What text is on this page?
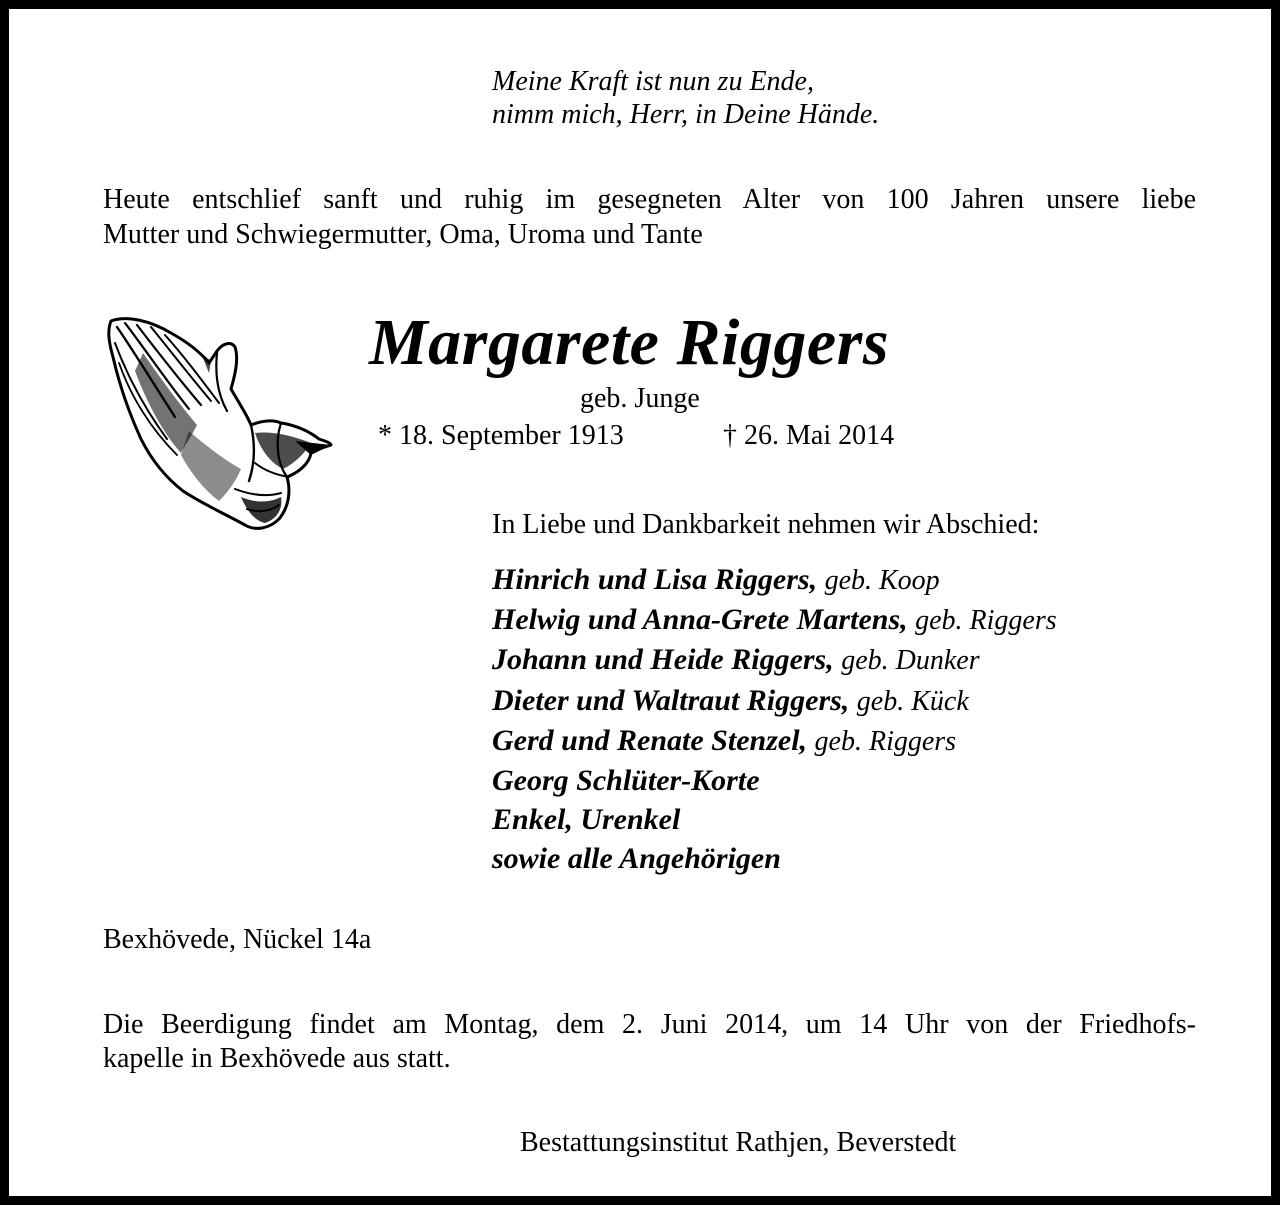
Meine Kraft ist nun zu Ende,
nimm mich, Herr, in Deine Hände.
Heute entschlief sanft und ruhig im gesegneten Alter von 100 Jahren unsere liebe
Mutter und Schwiegermutter, Oma, Uroma und Tante
Margarete Riggers
geb. Junge
* 18. September 1913	† 26. Mai 2014
In Liebe und Dankbarkeit nehmen wir Abschied:
Hinrich und Lisa Riggers, geb. Koop
Helwig und Anna-Grete Martens, geb. Riggers
Johann und Heide Riggers, geb. Dunker
Dieter und Waltraut Riggers, geb. Kück
Gerd und Renate Stenzel, geb. Riggers
Georg Schlüter-Korte
Enkel, Urenkel
sowie alle Angehörigen
Bexhövede, Nückel 14a
Die Beerdigung findet am Montag, dem 2. Juni 2014, um 14 Uhr von der Friedhofs-
kapelle in Bexhövede aus statt.
Bestattungsinstitut Rathjen, Beverstedt
